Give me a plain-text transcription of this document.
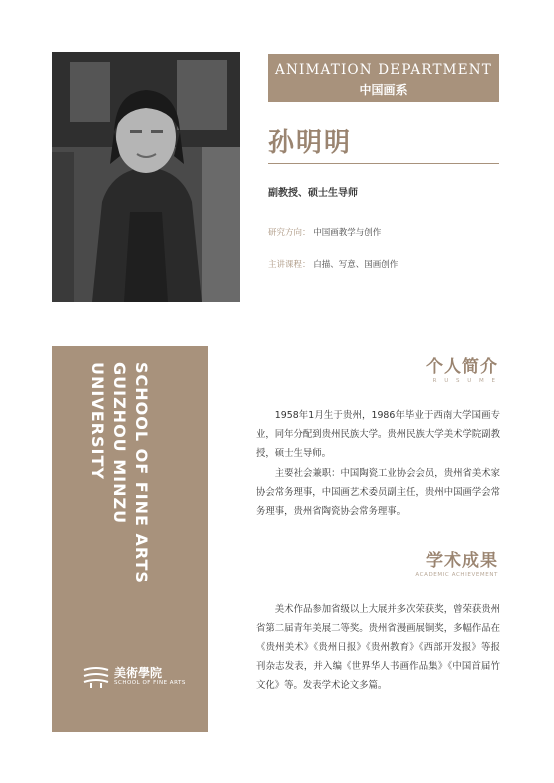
ANIMATION DEPARTMENT
中国画系
孙明明
副教授、硕士生导师
研究方向： 中国画教学与创作
主讲课程： 白描、写意、国画创作
SCHOOL OF FINE ARTS
GUIZHOU MINZU UNIVERSITY
美術學院
SCHOOL OF FINE ARTS
个人简介
R U S U M E

1958年1月生于贵州，1986年毕业于西南大学国画专业，同年分配到贵州民族大学。贵州民族大学美术学院副教授，硕士生导师。

主要社会兼职：中国陶瓷工业协会会员，贵州省美术家协会常务理事，中国画艺术委员副主任，贵州中国画学会常务理事，贵州省陶瓷协会常务理事。

学术成果
ACADEMIC ACHIEVEMENT

美术作品参加省级以上大展并多次荣获奖，曾荣获贵州省第二届青年美展二等奖。贵州省漫画展铜奖，多幅作品在《贵州美术》《贵州日报》《贵州教育》《西部开发报》等报刊杂志发表，并入编《世界华人书画作品集》《中国首届竹文化》等。发表学术论文多篇。
